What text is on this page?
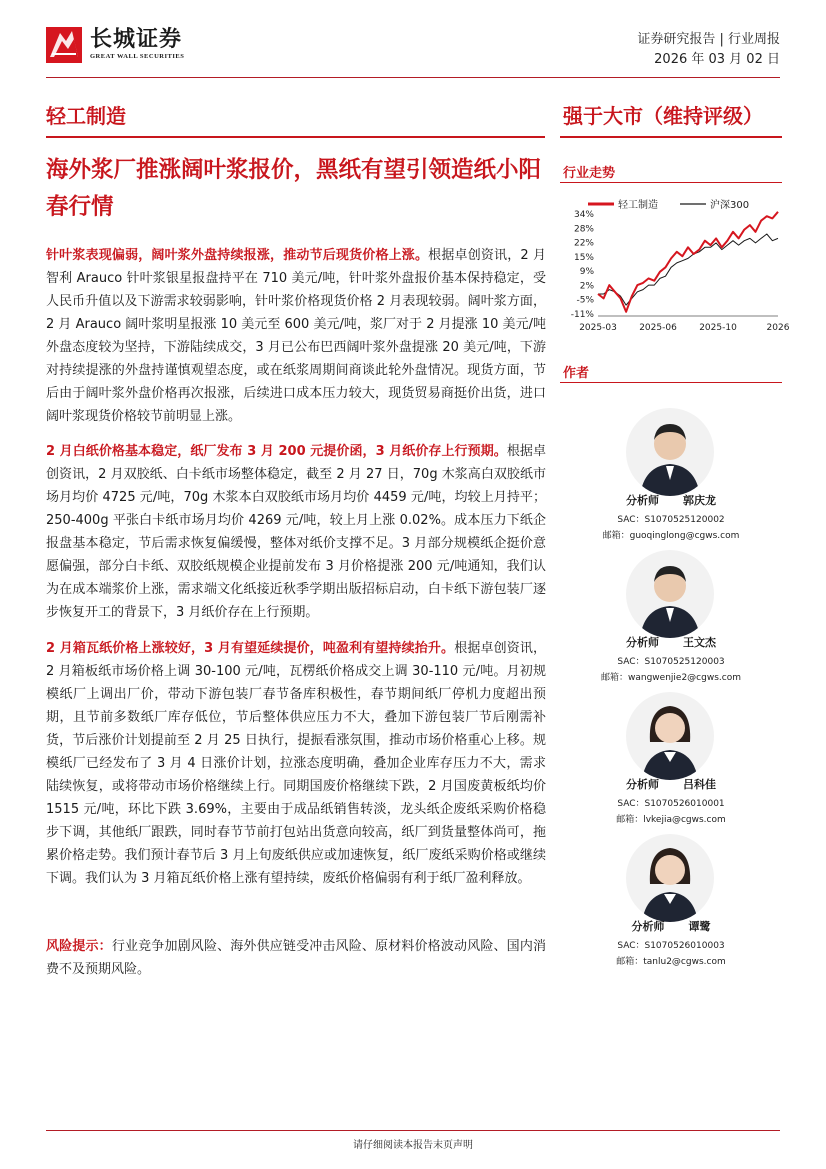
长城证券
GREAT WALL SECURITIES
证券研究报告 | 行业周报
2026 年 03 月 02 日
轻工制造	强于大市（维持评级）
海外浆厂推涨阔叶浆报价，黑纸有望引领造纸小阳春行情
针叶浆表现偏弱，阔叶浆外盘持续报涨，推动节后现货价格上涨。根据卓创资讯，2 月智利 Arauco 针叶浆银星报盘持平在 710 美元/吨，针叶浆外盘报价基本保持稳定，受人民币升值以及下游需求较弱影响，针叶浆价格现货价格 2 月表现较弱。阔叶浆方面，2 月 Arauco 阔叶浆明星报涨 10 美元至 600 美元/吨，浆厂对于 2 月提涨 10 美元/吨外盘态度较为坚持，下游陆续成交，3 月已公布巴西阔叶浆外盘提涨 20 美元/吨，下游对持续提涨的外盘持谨慎观望态度，或在纸浆周期间商谈此轮外盘情况。现货方面，节后由于阔叶浆外盘价格再次报涨，后续进口成本压力较大，现货贸易商挺价出货，进口阔叶浆现货价格较节前明显上涨。
2 月白纸价格基本稳定，纸厂发布 3 月 200 元提价函，3 月纸价存上行预期。根据卓创资讯，2 月双胶纸、白卡纸市场整体稳定，截至 2 月 27 日，70g 木浆高白双胶纸市场月均价 4725 元/吨，70g 木浆本白双胶纸市场月均价 4459 元/吨，均较上月持平；250-400g 平张白卡纸市场月均价 4269 元/吨，较上月上涨 0.02%。成本压力下纸企报盘基本稳定，节后需求恢复偏缓慢，整体对纸价支撑不足。3 月部分规模纸企挺价意愿偏强，部分白卡纸、双胶纸规模企业提前发布 3 月价格提涨 200 元/吨通知，我们认为在成本端浆价上涨，需求端文化纸接近秋季学期出版招标启动，白卡纸下游包装厂逐步恢复开工的背景下，3 月纸价存在上行预期。
2 月箱瓦纸价格上涨较好，3 月有望延续提价，吨盈利有望持续抬升。根据卓创资讯，2 月箱板纸市场价格上调 30-100 元/吨，瓦楞纸价格成交上调 30-110 元/吨。月初规模纸厂上调出厂价，带动下游包装厂春节备库积极性，春节期间纸厂停机力度超出预期，且节前多数纸厂库存低位，节后整体供应压力不大，叠加下游包装厂节后刚需补货，节后涨价计划提前至 2 月 25 日执行，提振看涨氛围，推动市场价格重心上移。规模纸厂已经发布了 3 月 4 日涨价计划，拉涨态度明确，叠加企业库存压力不大，需求陆续恢复，或将带动市场价格继续上行。同期国废价格继续下跌，2 月国废黄板纸均价 1515 元/吨，环比下跌 3.69%，主要由于成品纸销售转淡，龙头纸企废纸采购价格稳步下调，其他纸厂跟跌，同时春节节前打包站出货意向较高，纸厂到货量整体尚可，拖累价格走势。我们预计春节后 3 月上旬废纸供应或加速恢复，纸厂废纸采购价格或继续下调。我们认为 3 月箱瓦纸价格上涨有望持续，废纸价格偏弱有利于纸厂盈利释放。
风险提示：行业竞争加剧风险、海外供应链受冲击风险、原材料价格波动风险、国内消费不及预期风险。
行业走势
轻工制造	沪深300
34%
28%
22%
15%
9%
2%
-5%
-11%
2025-03 2025-06 2025-10	2026
作者
分析师 郭庆龙
SAC：S1070525120002
邮箱：guoqinglong@cgws.com
分析师 王文杰
SAC：S1070525120003
邮箱：wangwenjie2@cgws.com
分析师 吕科佳
SAC：S1070526010001
邮箱：lvkejia@cgws.com
分析师 谭鹭
SAC：S1070526010003
邮箱：tanlu2@cgws.com
请仔细阅读本报告末页声明
